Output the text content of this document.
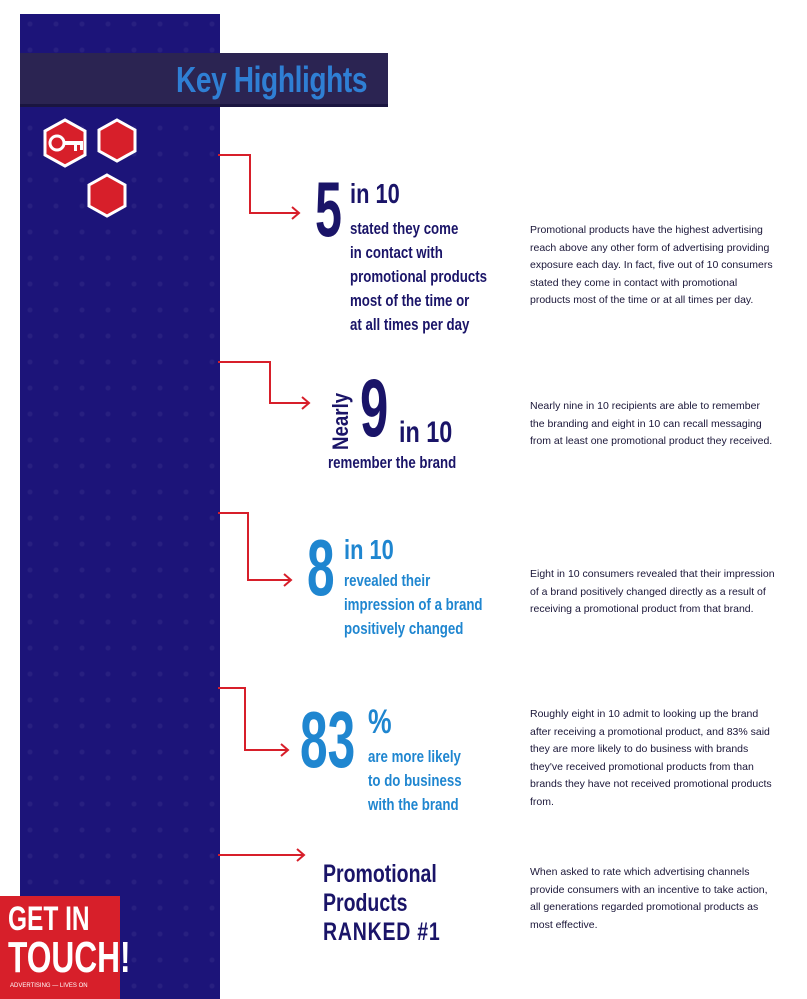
Key Highlights
5 in 10
stated they come
in contact with
promotional products
most of the time or
at all times per day
Promotional products have the highest advertising reach above any other form of advertising providing exposure each day. In fact, five out of 10 consumers stated they come in contact with promotional products most of the time or at all times per day.
Nearly 9 in 10
remember the brand
Nearly nine in 10 recipients are able to remember the branding and eight in 10 can recall messaging from at least one promotional product they received.
8 in 10
revealed their
impression of a brand
positively changed
Eight in 10 consumers revealed that their impression of a brand positively changed directly as a result of receiving a promotional product from that brand.
83 %
are more likely
to do business
with the brand
Roughly eight in 10 admit to looking up the brand after receiving a promotional product, and 83% said they are more likely to do business with brands they've received promotional products from than brands they have not received promotional products from.
Promotional
Products
RANKED #1
When asked to rate which advertising channels provide consumers with an incentive to take action, all generations regarded promotional products as most effective.
GET IN
TOUCH!
ADVERTISING — LIVES ON
